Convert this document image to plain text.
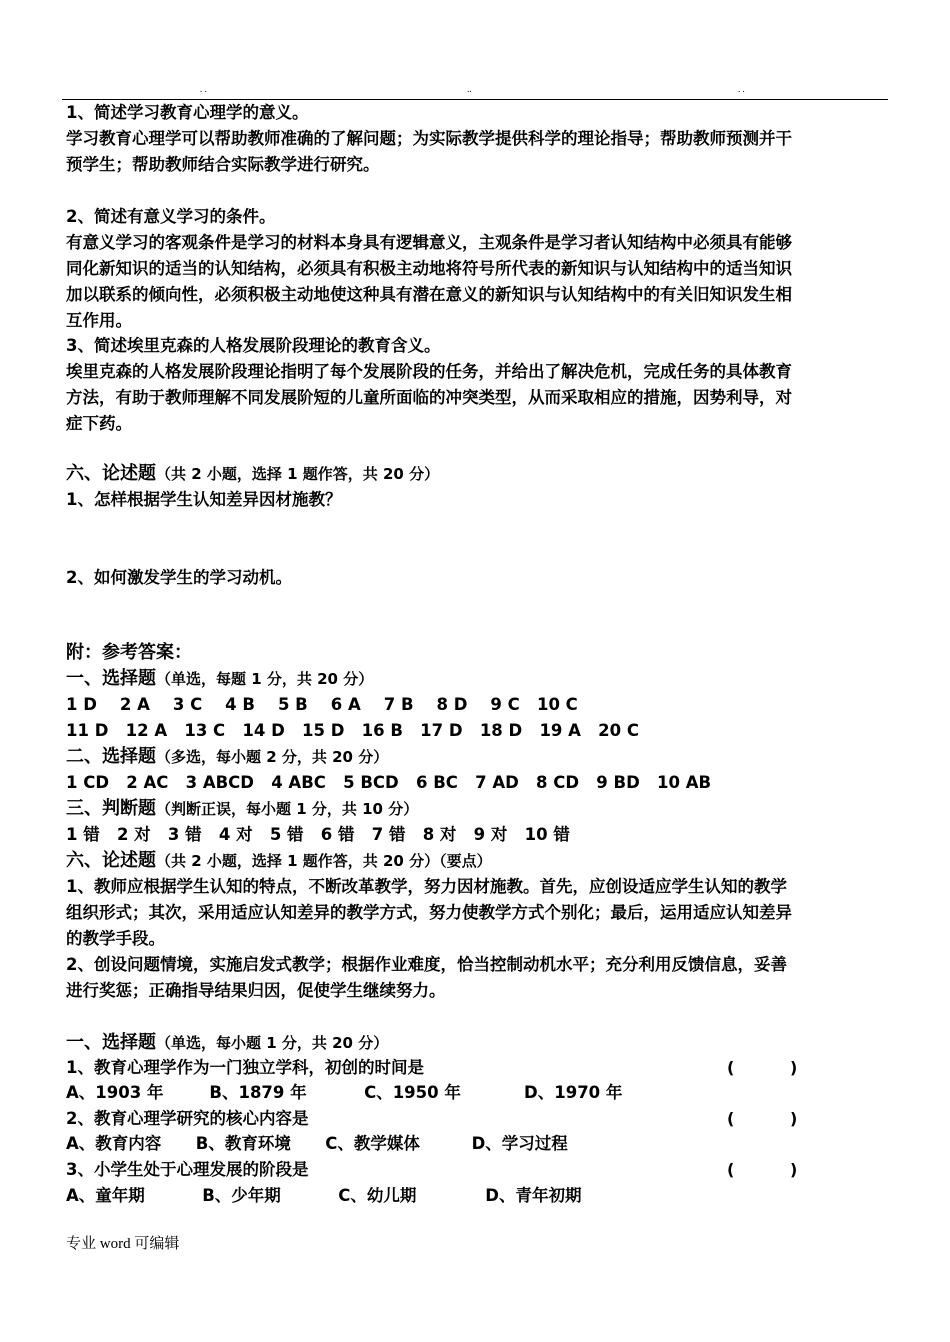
. .	..	. .
1、简述学习教育心理学的意义。
学习教育心理学可以帮助教师准确的了解问题；为实际教学提供科学的理论指导；帮助教师预测并干
预学生；帮助教师结合实际教学进行研究。
2、简述有意义学习的条件。
有意义学习的客观条件是学习的材料本身具有逻辑意义，主观条件是学习者认知结构中必须具有能够
同化新知识的适当的认知结构，必须具有积极主动地将符号所代表的新知识与认知结构中的适当知识
加以联系的倾向性，必须积极主动地使这种具有潜在意义的新知识与认知结构中的有关旧知识发生相
互作用。
3、简述埃里克森的人格发展阶段理论的教育含义。
埃里克森的人格发展阶段理论指明了每个发展阶段的任务，并给出了解决危机，完成任务的具体教育
方法，有助于教师理解不同发展阶短的儿童所面临的冲突类型，从而采取相应的措施，因势利导，对
症下药。
六、论述题（共 2 小题，选择 1 题作答，共 20 分）
1、怎样根据学生认知差异因材施教？
2、如何激发学生的学习动机。
附：参考答案：
一、选择题（单选，每题 1 分，共 20 分）
1 D    2 A    3 C    4 B    5 B    6 A    7 B    8 D    9 C   10 C
11 D   12 A   13 C   14 D   15 D   16 B   17 D   18 D   19 A   20 C
二、选择题（多选，每小题 2 分，共 20 分）
1 CD   2 AC   3 ABCD   4 ABC   5 BCD   6 BC   7 AD   8 CD   9 BD   10 AB
三、判断题（判断正误，每小题 1 分，共 10 分）
1 错   2 对   3 错   4 对   5 错   6 错   7 错   8 对   9 对   10 错
六、论述题（共 2 小题，选择 1 题作答，共 20 分）（要点）
1、教师应根据学生认知的特点，不断改革教学，努力因材施教。首先，应创设适应学生认知的教学
组织形式；其次，采用适应认知差异的教学方式，努力使教学方式个别化；最后，运用适应认知差异
的教学手段。
2、创设问题情境，实施启发式教学；根据作业难度，恰当控制动机水平；充分利用反馈信息，妥善
进行奖惩；正确指导结果归因，促使学生继续努力。
一、选择题（单选，每小题 1 分，共 20 分）
1、教育心理学作为一门独立学科，初创的时间是	(          )
A、1903 年        B、1879 年          C、1950 年           D、1970 年
2、教育心理学研究的核心内容是	(          )
A、教育内容      B、教育环境      C、教学媒体         D、学习过程
3、小学生处于心理发展的阶段是	(          )
A、童年期          B、少年期          C、幼儿期            D、青年初期
专业 word 可编辑
